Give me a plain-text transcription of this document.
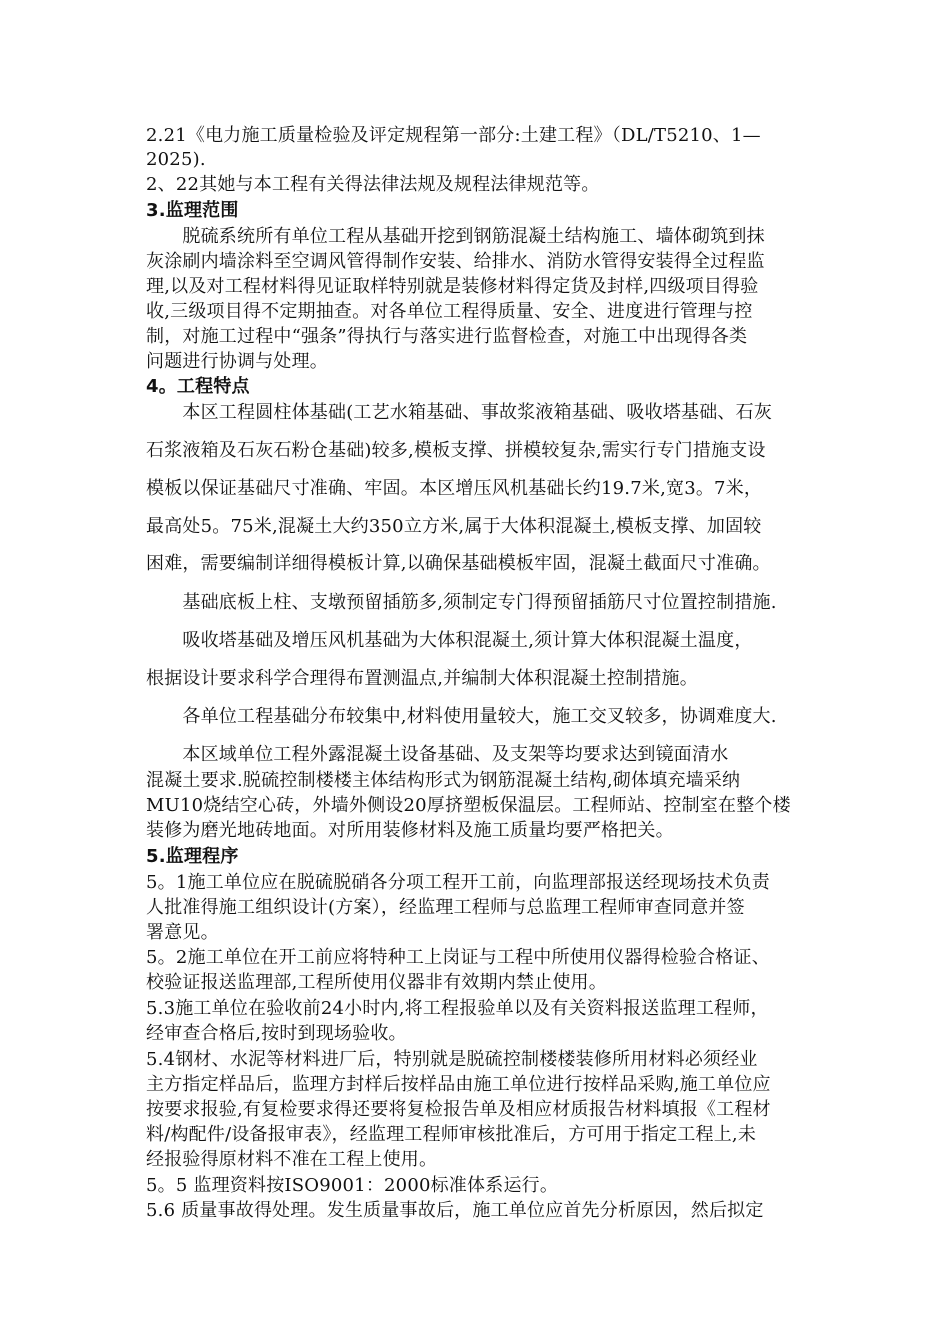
2.21《电力施工质量检验及评定规程第一部分:土建工程》（DL/T5210、1—
2025).
2、22其她与本工程有关得法律法规及规程法律规范等。
3.监理范围
　　脱硫系统所有单位工程从基础开挖到钢筋混凝土结构施工、墙体砌筑到抹
灰涂刷内墙涂料至空调风管得制作安装、给排水、消防水管得安装得全过程监
理,以及对工程材料得见证取样特别就是装修材料得定货及封样,四级项目得验
收,三级项目得不定期抽查。对各单位工程得质量、安全、进度进行管理与控
制，对施工过程中“强条”得执行与落实进行监督检查，对施工中出现得各类
问题进行协调与处理。
4。工程特点
　　本区工程圆柱体基础(工艺水箱基础、事故浆液箱基础、吸收塔基础、石灰
石浆液箱及石灰石粉仓基础)较多,模板支撑、拼模较复杂,需实行专门措施支设
模板以保证基础尺寸准确、牢固。本区增压风机基础长约19.7米,宽3。7米，
最高处5。75米,混凝土大约350立方米,属于大体积混凝土,模板支撑、加固较
困难，需要编制详细得模板计算,以确保基础模板牢固，混凝土截面尺寸准确。
　　基础底板上柱、支墩预留插筋多,须制定专门得预留插筋尺寸位置控制措施.
　　吸收塔基础及增压风机基础为大体积混凝土,须计算大体积混凝土温度，
根据设计要求科学合理得布置测温点,并编制大体积混凝土控制措施。
　　各单位工程基础分布较集中,材料使用量较大，施工交叉较多，协调难度大.
　　本区域单位工程外露混凝土设备基础、及支架等均要求达到镜面清水
混凝土要求.脱硫控制楼楼主体结构形式为钢筋混凝土结构,砌体填充墙采纳
MU10烧结空心砖，外墙外侧设20厚挤塑板保温层。工程师站、控制室在整个楼
装修为磨光地砖地面。对所用装修材料及施工质量均要严格把关。
5.监理程序
5。1施工单位应在脱硫脱硝各分项工程开工前，向监理部报送经现场技术负责
人批准得施工组织设计(方案），经监理工程师与总监理工程师审查同意并签
署意见。
5。2施工单位在开工前应将特种工上岗证与工程中所使用仪器得检验合格证、
校验证报送监理部,工程所使用仪器非有效期内禁止使用。
5.3施工单位在验收前24小时内,将工程报验单以及有关资料报送监理工程师，
经审查合格后,按时到现场验收。
5.4钢材、水泥等材料进厂后，特别就是脱硫控制楼楼装修所用材料必须经业
主方指定样品后，监理方封样后按样品由施工单位进行按样品采购,施工单位应
按要求报验,有复检要求得还要将复检报告单及相应材质报告材料填报《工程材
料/构配件/设备报审表》，经监理工程师审核批准后，方可用于指定工程上,未
经报验得原材料不准在工程上使用。
5。5 监理资料按ISO9001：2000标准体系运行。
5.6 质量事故得处理。发生质量事故后，施工单位应首先分析原因，然后拟定
